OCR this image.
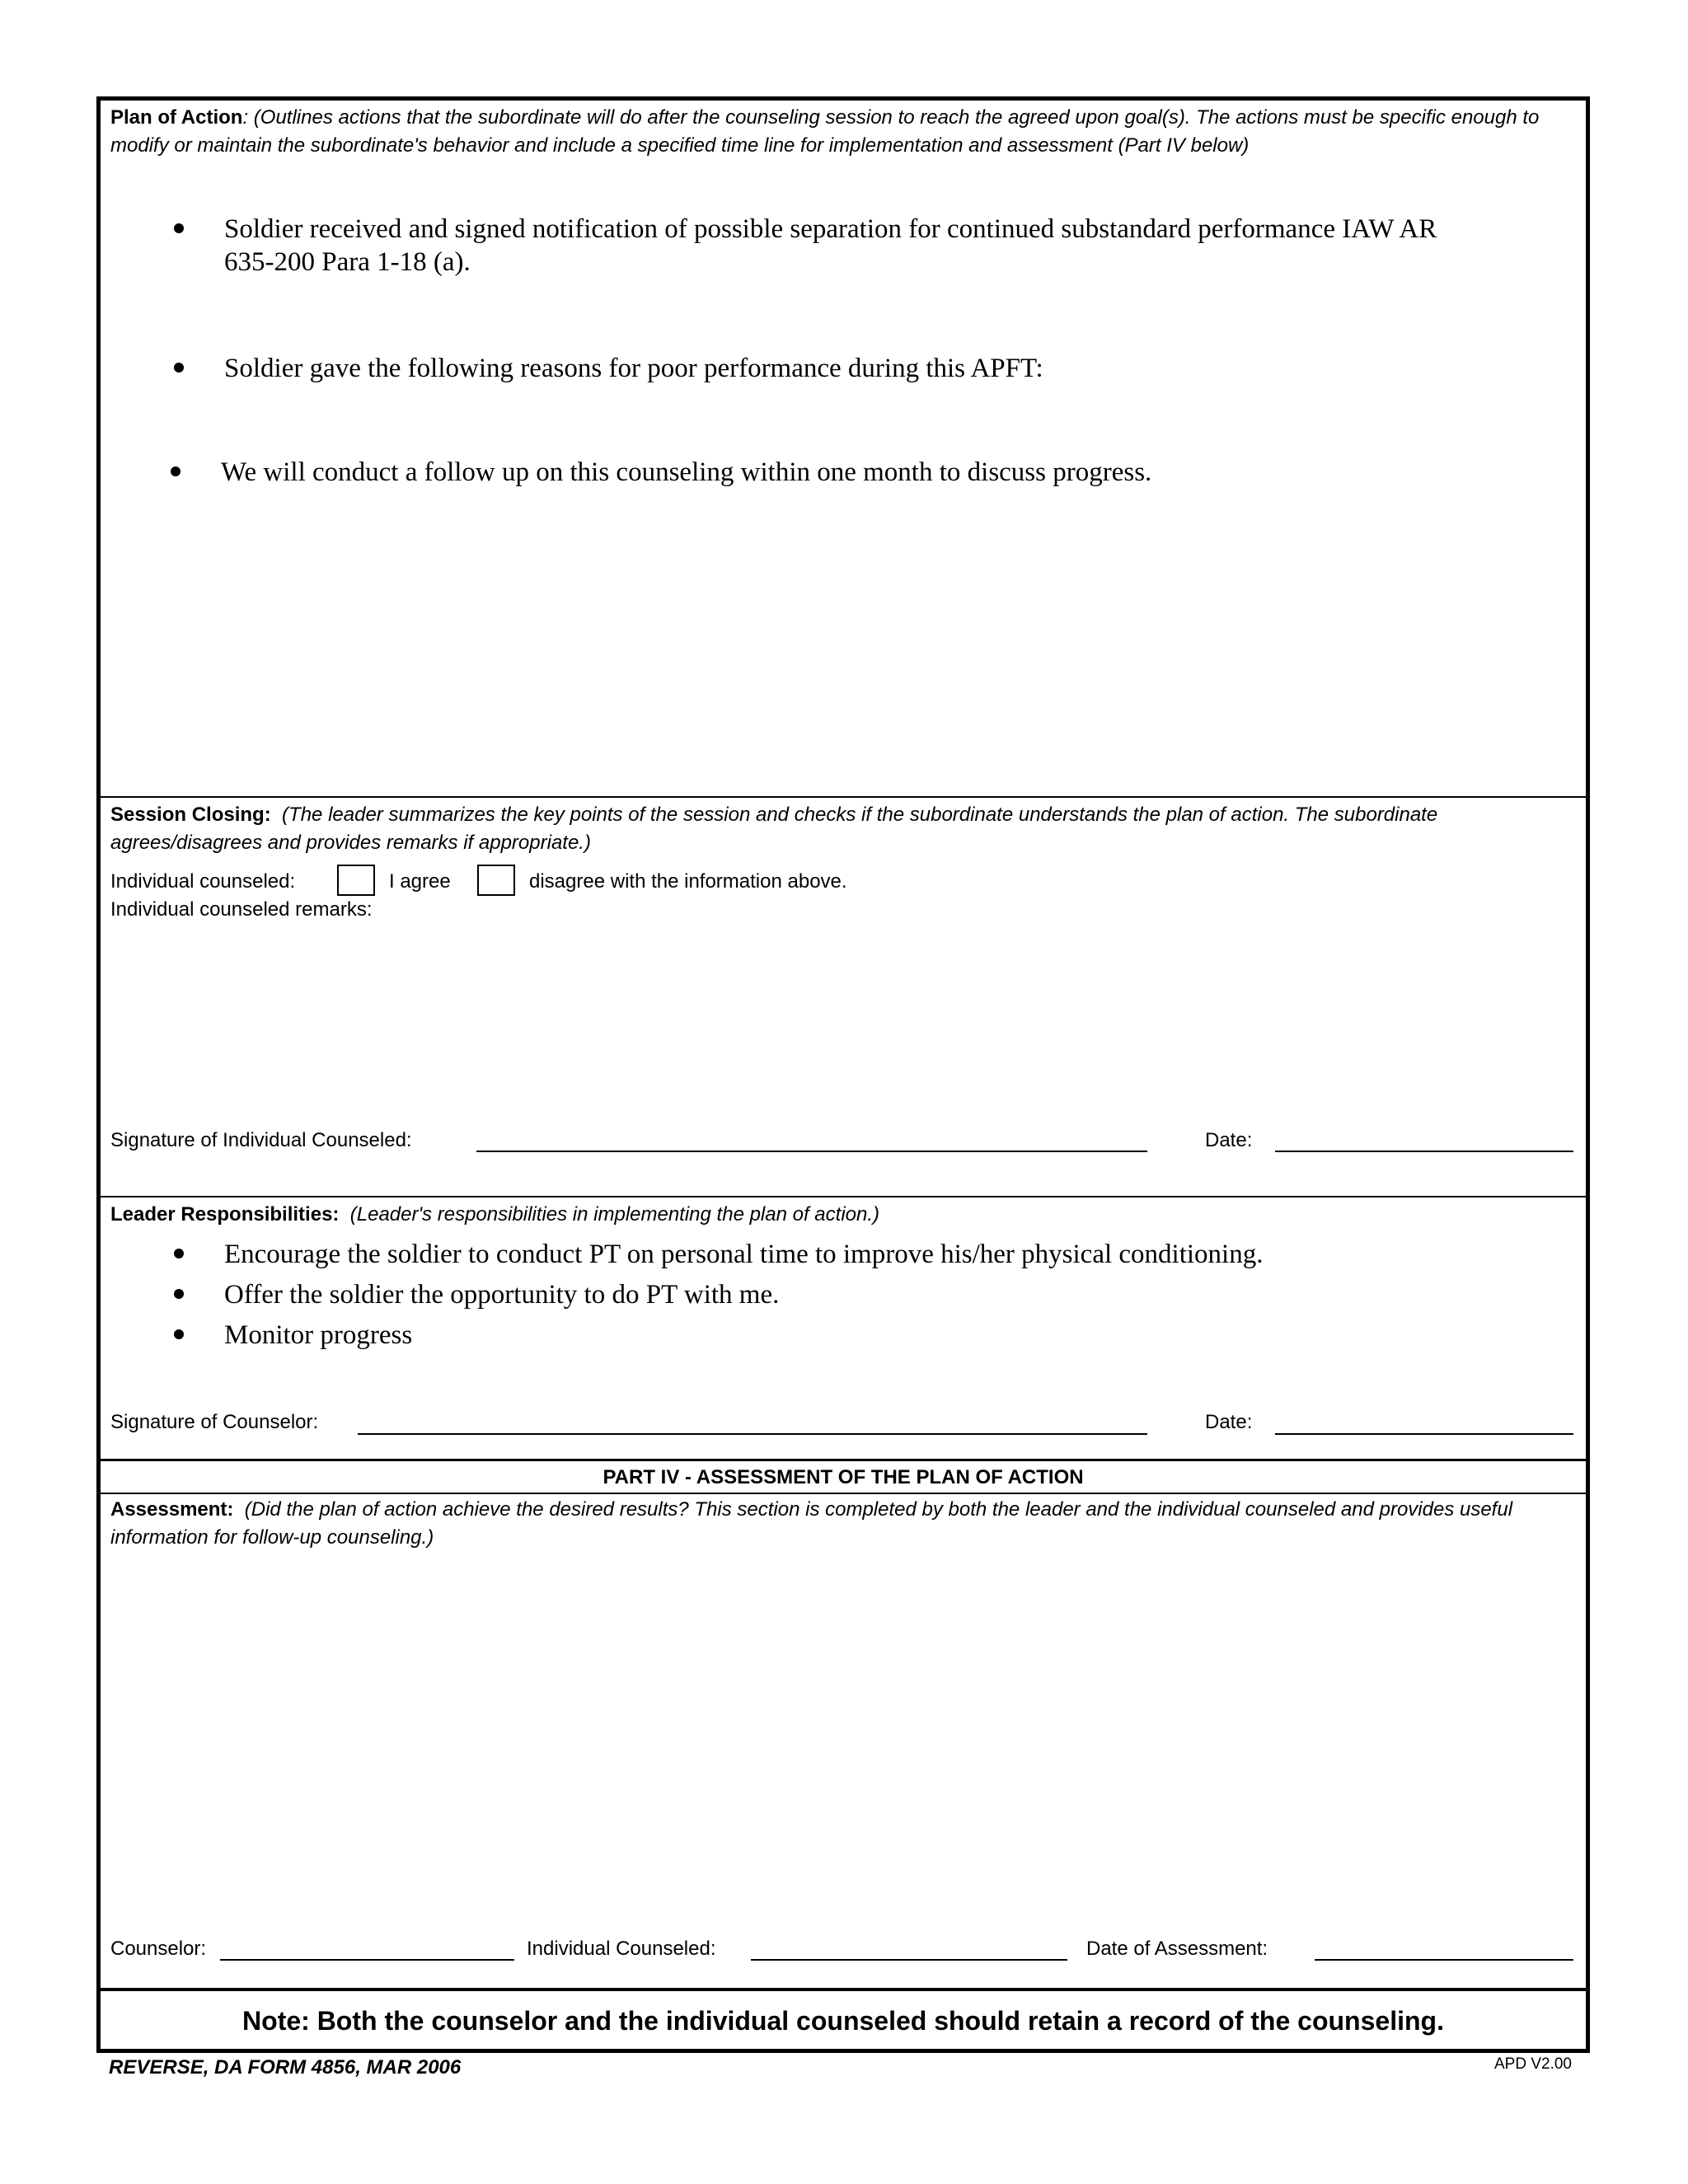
Plan of Action: (Outlines actions that the subordinate will do after the counseling session to reach the agreed upon goal(s). The actions must be specific enough to modify or maintain the subordinate's behavior and include a specified time line for implementation and assessment (Part IV below)
Soldier received and signed notification of possible separation for continued substandard performance IAW AR 635-200 Para 1-18 (a).
Soldier gave the following reasons for poor performance during this APFT:
We will conduct a follow up on this counseling within one month to discuss progress.
Session Closing: (The leader summarizes the key points of the session and checks if the subordinate understands the plan of action. The subordinate agrees/disagrees and provides remarks if appropriate.)
Individual counseled:	I agree	disagree with the information above.
Individual counseled remarks:
Signature of Individual Counseled:	Date:
Leader Responsibilities: (Leader's responsibilities in implementing the plan of action.)
Encourage the soldier to conduct PT on personal time to improve his/her physical conditioning.
Offer the soldier the opportunity to do PT with me.
Monitor progress
Signature of Counselor:	Date:
PART IV - ASSESSMENT OF THE PLAN OF ACTION
Assessment: (Did the plan of action achieve the desired results? This section is completed by both the leader and the individual counseled and provides useful information for follow-up counseling.)
Counselor:	Individual Counseled:	Date of Assessment:
Note: Both the counselor and the individual counseled should retain a record of the counseling.
REVERSE, DA FORM 4856, MAR 2006	APD V2.00
